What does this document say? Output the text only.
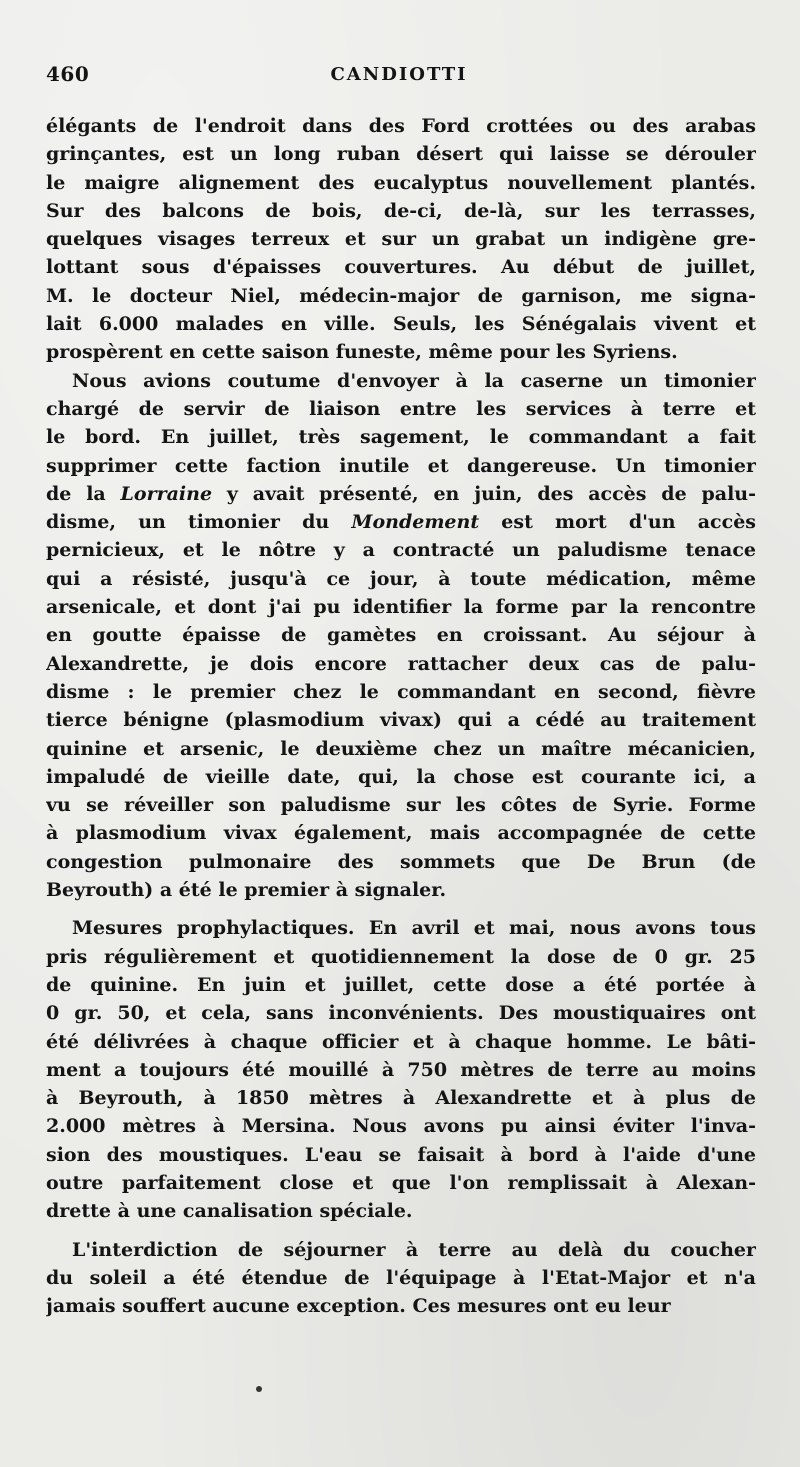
460	CANDIOTTI
élégants de l'endroit dans des Ford crottées ou des arabas
grinçantes, est un long ruban désert qui laisse se dérouler
le maigre alignement des eucalyptus nouvellement plantés.
Sur des balcons de bois, de-ci, de-là, sur les terrasses,
quelques visages terreux et sur un grabat un indigène gre-
lottant sous d'épaisses couvertures. Au début de juillet,
M. le docteur Niel, médecin-major de garnison, me signa-
lait 6.000 malades en ville. Seuls, les Sénégalais vivent et
prospèrent en cette saison funeste, même pour les Syriens.
Nous avions coutume d'envoyer à la caserne un timonier
chargé de servir de liaison entre les services à terre et
le bord. En juillet, très sagement, le commandant a fait
supprimer cette faction inutile et dangereuse. Un timonier
de la Lorraine y avait présenté, en juin, des accès de palu-
disme, un timonier du Mondement est mort d'un accès
pernicieux, et le nôtre y a contracté un paludisme tenace
qui a résisté, jusqu'à ce jour, à toute médication, même
arsenicale, et dont j'ai pu identifier la forme par la rencontre
en goutte épaisse de gamètes en croissant. Au séjour à
Alexandrette, je dois encore rattacher deux cas de palu-
disme : le premier chez le commandant en second, fièvre
tierce bénigne (plasmodium vivax) qui a cédé au traitement
quinine et arsenic, le deuxième chez un maître mécanicien,
impaludé de vieille date, qui, la chose est courante ici, a
vu se réveiller son paludisme sur les côtes de Syrie. Forme
à plasmodium vivax également, mais accompagnée de cette
congestion pulmonaire des sommets que De Brun (de
Beyrouth) a été le premier à signaler.
Mesures prophylactiques. En avril et mai, nous avons tous
pris régulièrement et quotidiennement la dose de 0 gr. 25
de quinine. En juin et juillet, cette dose a été portée à
0 gr. 50, et cela, sans inconvénients. Des moustiquaires ont
été délivrées à chaque officier et à chaque homme. Le bâti-
ment a toujours été mouillé à 750 mètres de terre au moins
à Beyrouth, à 1850 mètres à Alexandrette et à plus de
2.000 mètres à Mersina. Nous avons pu ainsi éviter l'inva-
sion des moustiques. L'eau se faisait à bord à l'aide d'une
outre parfaitement close et que l'on remplissait à Alexan-
drette à une canalisation spéciale.
L'interdiction de séjourner à terre au delà du coucher
du soleil a été étendue de l'équipage à l'Etat-Major et n'a
jamais souffert aucune exception. Ces mesures ont eu leur
